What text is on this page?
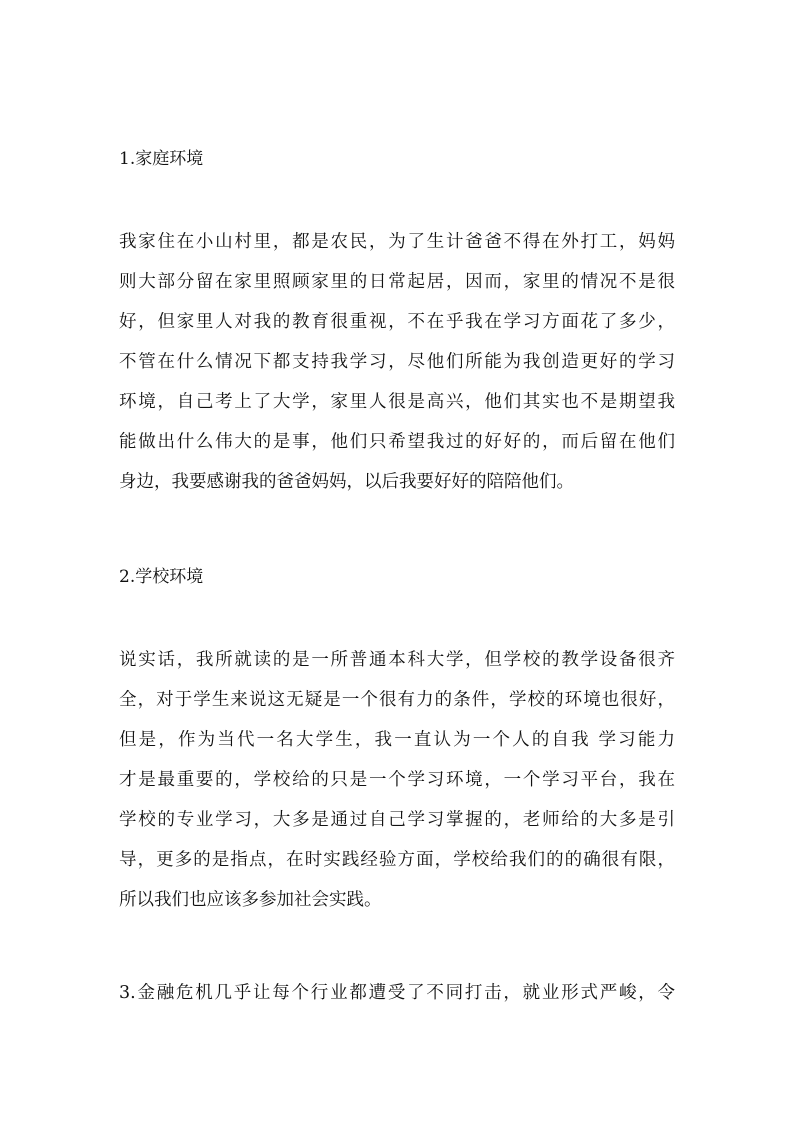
1.家庭环境
我家住在小山村里，都是农民，为了生计爸爸不得在外打工，妈妈
则大部分留在家里照顾家里的日常起居，因而，家里的情况不是很
好，但家里人对我的教育很重视，不在乎我在学习方面花了多少，
不管在什么情况下都支持我学习，尽他们所能为我创造更好的学习
环境，自己考上了大学，家里人很是高兴，他们其实也不是期望我
能做出什么伟大的是事，他们只希望我过的好好的，而后留在他们
身边，我要感谢我的爸爸妈妈，以后我要好好的陪陪他们。
2.学校环境
说实话，我所就读的是一所普通本科大学，但学校的教学设备很齐
全，对于学生来说这无疑是一个很有力的条件，学校的环境也很好，
但是，作为当代一名大学生，我一直认为一个人的自我 学习能力
才是最重要的，学校给的只是一个学习环境，一个学习平台，我在
学校的专业学习，大多是通过自己学习掌握的，老师给的大多是引
导，更多的是指点，在时实践经验方面，学校给我们的的确很有限，
所以我们也应该多参加社会实践。
3.金融危机几乎让每个行业都遭受了不同打击，就业形式严峻，令
